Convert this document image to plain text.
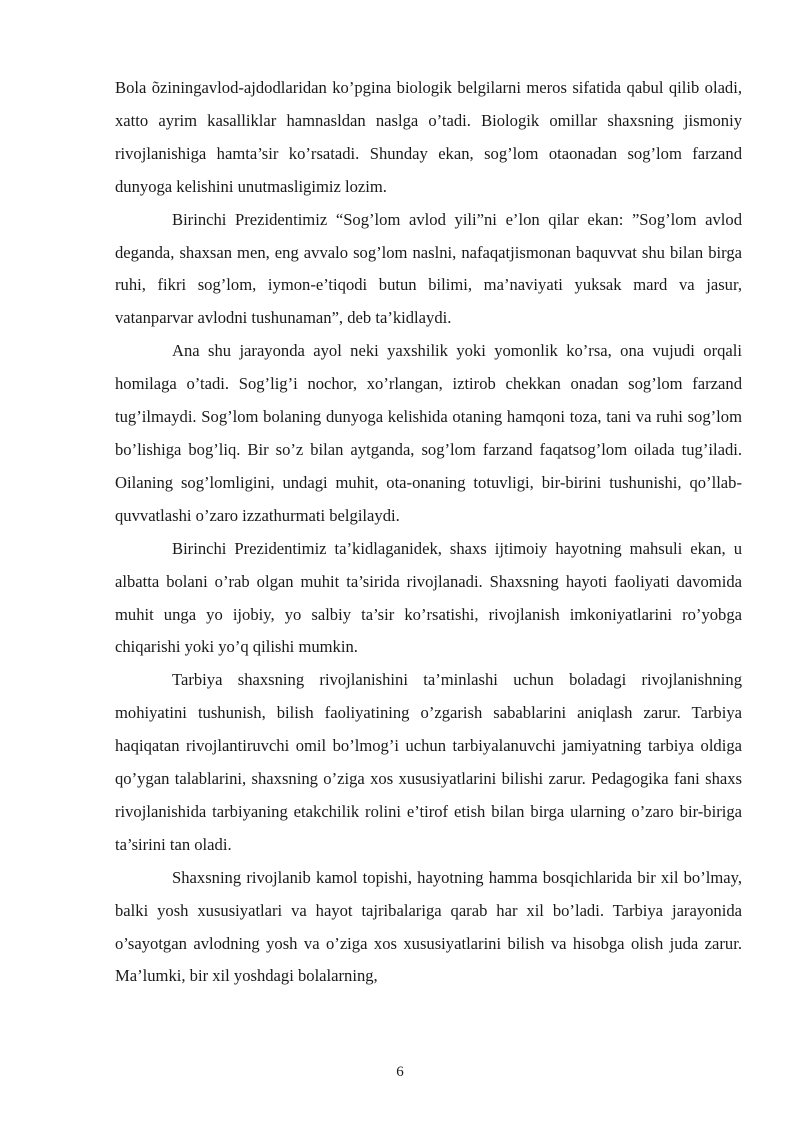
Bola õziningavlod-ajdodlaridan ko’pgina biologik belgilarni meros sifatida qabul qilib oladi, xatto ayrim kasalliklar hamnasldan naslga o’tadi. Biologik omillar shaxsning jismoniy rivojlanishiga hamta’sir ko’rsatadi. Shunday ekan, sog’lom otaonadan sog’lom farzand dunyoga kelishini unutmasligimiz lozim.

Birinchi Prezidentimiz “Sog’lom avlod yili”ni e’lon qilar ekan: ”Sog’lom avlod deganda, shaxsan men, eng avvalo sog’lom naslni, nafaqatjismonan baquvvat shu bilan birga ruhi, fikri sog’lom, iymon-e’tiqodi butun bilimi, ma’naviyati yuksak mard va jasur, vatanparvar avlodni tushunaman”, deb ta’kidlaydi.

Ana shu jarayonda ayol neki yaxshilik yoki yomonlik ko’rsa, ona vujudi orqali homilaga o’tadi. Sog’lig’i nochor, xo’rlangan, iztirob chekkan onadan sog’lom farzand tug’ilmaydi. Sog’lom bolaning dunyoga kelishida otaning hamqoni toza, tani va ruhi sog’lom bo’lishiga bog’liq. Bir so’z bilan aytganda, sog’lom farzand faqatsog’lom oilada tug’iladi. Oilaning sog’lomligini, undagi muhit, ota-onaning totuvligi, bir-birini tushunishi, qo’llab-quvvatlashi o’zaro izzathurmati belgilaydi.

Birinchi Prezidentimiz ta’kidlaganidek, shaxs ijtimoiy hayotning mahsuli ekan, u albatta bolani o’rab olgan muhit ta’sirida rivojlanadi. Shaxsning hayoti faoliyati davomida muhit unga yo ijobiy, yo salbiy ta’sir ko’rsatishi, rivojlanish imkoniyatlarini ro’yobga chiqarishi yoki yo’q qilishi mumkin.

Tarbiya shaxsning rivojlanishini ta’minlashi uchun boladagi rivojlanishning mohiyatini tushunish, bilish faoliyatining o’zgarish sabablarini aniqlash zarur. Tarbiya haqiqatan rivojlantiruvchi omil bo’lmog’i uchun tarbiyalanuvchi jamiyatning tarbiya oldiga qo’ygan talablarini, shaxsning o’ziga xos xususiyatlarini bilishi zarur. Pedagogika fani shaxs rivojlanishida tarbiyaning etakchilik rolini e’tirof etish bilan birga ularning o’zaro bir-biriga ta’sirini tan oladi.

Shaxsning rivojlanib kamol topishi, hayotning hamma bosqichlarida bir xil bo’lmay, balki yosh xususiyatlari va hayot tajribalariga qarab har xil bo’ladi. Tarbiya jarayonida o’sayotgan avlodning yosh va o’ziga xos xususiyatlarini bilish va hisobga olish juda zarur. Ma’lumki, bir xil yoshdagi bolalarning,

6
